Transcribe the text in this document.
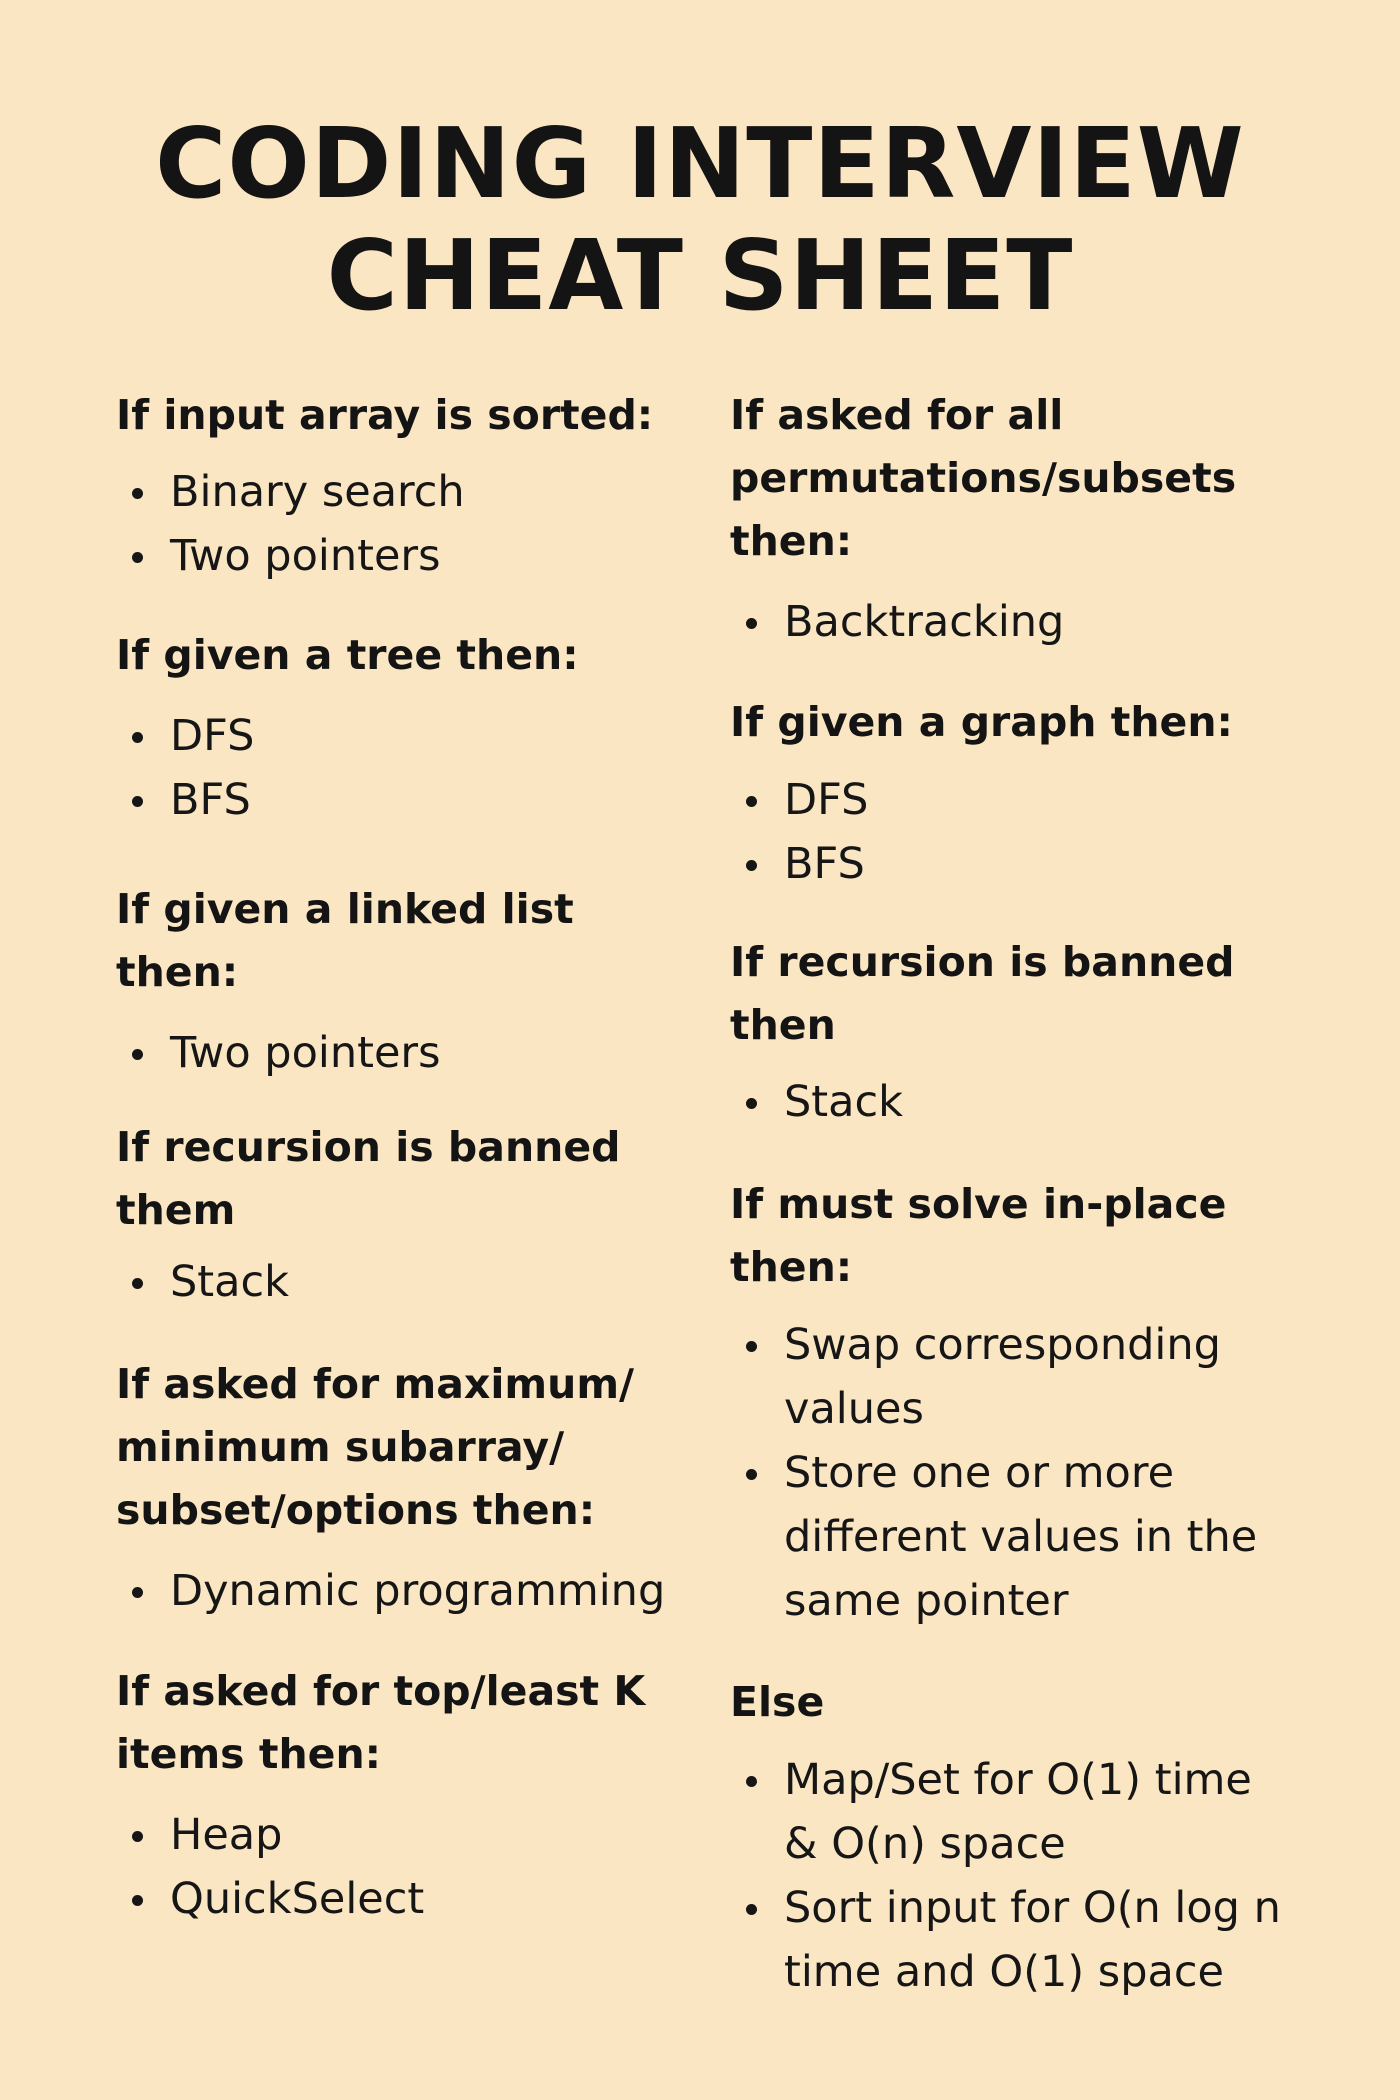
CODING INTERVIEW
CHEAT SHEET

If input array is sorted:

Binary search
Two pointers

If given a tree then:

DFS
BFS

If given a linked list then:

Two pointers

If recursion is banned
them

Stack

If asked for maximum/
minimum subarray/
subset/options then:

Dynamic programming

If asked for top/least K
items then:

Heap
QuickSelect

If asked for all
permutations/subsets
then:

Backtracking

If given a graph then:

DFS
BFS

If recursion is banned
then

Stack

If must solve in-place
then:

Swap corresponding
values
Store one or more
different values in the
same pointer

Else

Map/Set for O(1) time
& O(n) space
Sort input for O(n log n
time and O(1) space
